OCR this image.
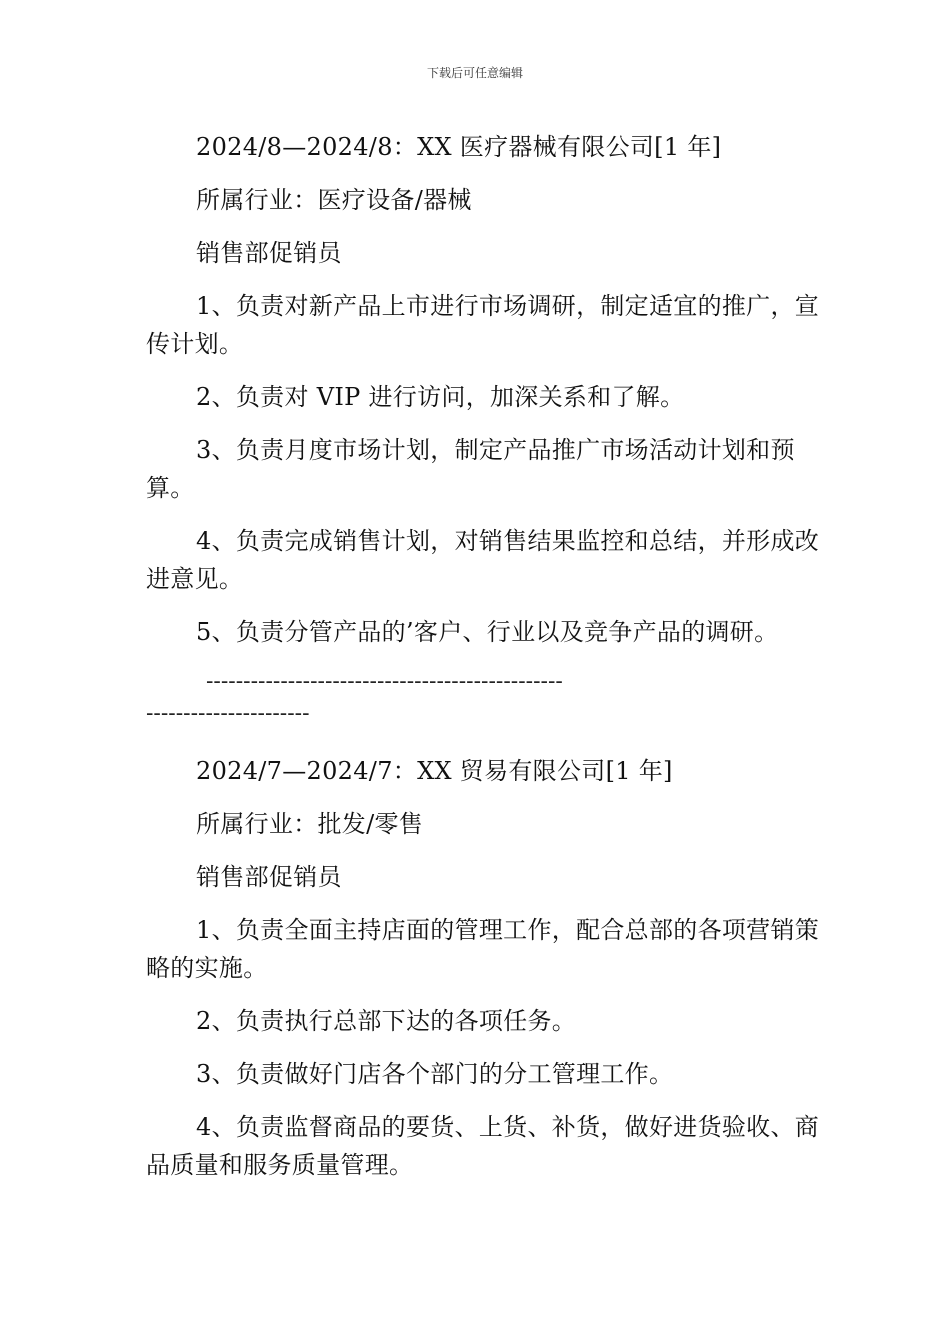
下载后可任意编辑

2024/8—2024/8：XX 医疗器械有限公司[1 年]

所属行业：医疗设备/器械

销售部促销员

1、负责对新产品上市进行市场调研，制定适宜的推广，宣传计划。

2、负责对 VIP 进行访问，加深关系和了解。

3、负责月度市场计划，制定产品推广市场活动计划和预算。

4、负责完成销售计划，对销售结果监控和总结，并形成改进意见。

5、负责分管产品的’客户、行业以及竞争产品的调研。

------------------------------------------------

----------------------

2024/7—2024/7：XX 贸易有限公司[1 年]

所属行业：批发/零售

销售部促销员

1、负责全面主持店面的管理工作，配合总部的各项营销策略的实施。

2、负责执行总部下达的各项任务。

3、负责做好门店各个部门的分工管理工作。

4、负责监督商品的要货、上货、补货，做好进货验收、商品质量和服务质量管理。
